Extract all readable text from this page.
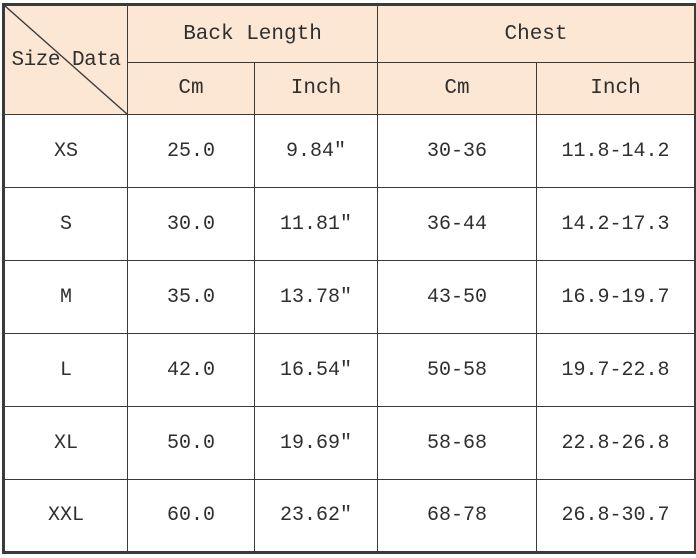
Size Data	Back Length		Chest	
	Cm	Inch	Cm	Inch
XS	25.0	9.84″	30-36	11.8-14.2
S	30.0	11.81″	36-44	14.2-17.3
M	35.0	13.78″	43-50	16.9-19.7
L	42.0	16.54″	50-58	19.7-22.8
XL	50.0	19.69″	58-68	22.8-26.8
XXL	60.0	23.62″	68-78	26.8-30.7
